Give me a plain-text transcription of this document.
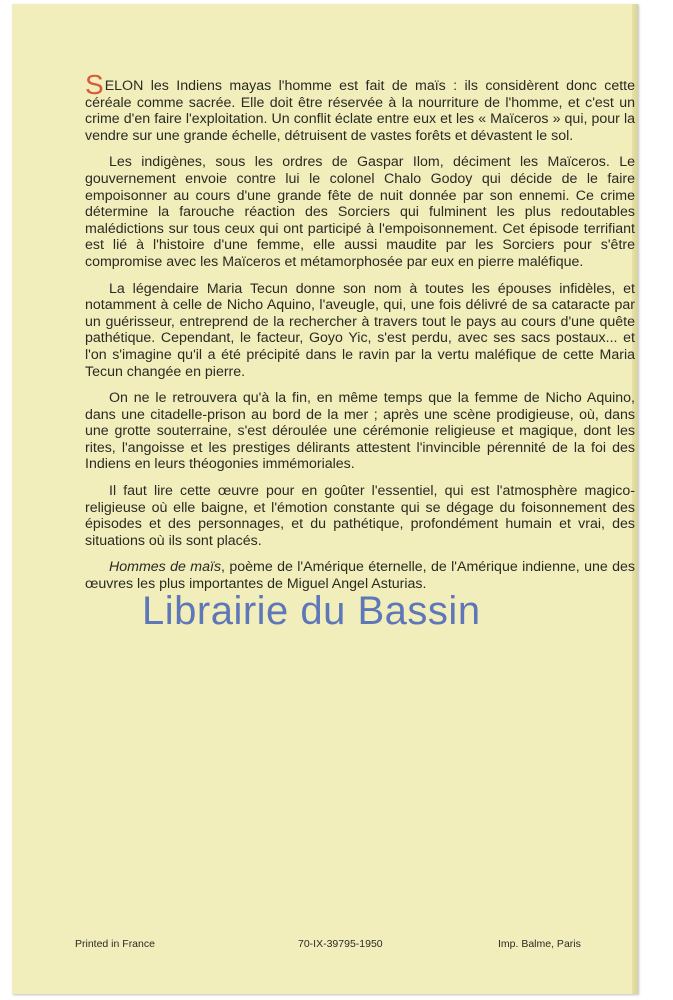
SELON les Indiens mayas l'homme est fait de maïs : ils considèrent donc cette céréale comme sacrée. Elle doit être réservée à la nourriture de l'homme, et c'est un crime d'en faire l'exploitation. Un conflit éclate entre eux et les « Maïceros » qui, pour la vendre sur une grande échelle, détruisent de vastes forêts et dévastent le sol.

Les indigènes, sous les ordres de Gaspar Ilom, déciment les Maïceros. Le gouvernement envoie contre lui le colonel Chalo Godoy qui décide de le faire empoisonner au cours d'une grande fête de nuit donnée par son ennemi. Ce crime détermine la farouche réaction des Sorciers qui fulminent les plus redoutables malédictions sur tous ceux qui ont participé à l'empoisonnement. Cet épisode terrifiant est lié à l'histoire d'une femme, elle aussi maudite par les Sorciers pour s'être compromise avec les Maïceros et métamorphosée par eux en pierre maléfique.

La légendaire Maria Tecun donne son nom à toutes les épouses infidèles, et notamment à celle de Nicho Aquino, l'aveugle, qui, une fois délivré de sa cataracte par un guérisseur, entreprend de la rechercher à travers tout le pays au cours d'une quête pathétique. Cependant, le facteur, Goyo Yic, s'est perdu, avec ses sacs postaux... et l'on s'imagine qu'il a été précipité dans le ravin par la vertu maléfique de cette Maria Tecun changée en pierre.

On ne le retrouvera qu'à la fin, en même temps que la femme de Nicho Aquino, dans une citadelle-prison au bord de la mer ; après une scène prodigieuse, où, dans une grotte souterraine, s'est déroulée une cérémonie religieuse et magique, dont les rites, l'angoisse et les prestiges délirants attestent l'invincible pérennité de la foi des Indiens en leurs théogonies immémoriales.

Il faut lire cette œuvre pour en goûter l'essentiel, qui est l'atmosphère magico-religieuse où elle baigne, et l'émotion constante qui se dégage du foisonnement des épisodes et des personnages, et du pathétique, profondément humain et vrai, des situations où ils sont placés.

Hommes de maïs, poème de l'Amérique éternelle, de l'Amérique indienne, une des œuvres les plus importantes de Miguel Angel Asturias.

Librairie du Bassin
Printed in France	70-IX-39795-1950	Imp. Balme, Paris
